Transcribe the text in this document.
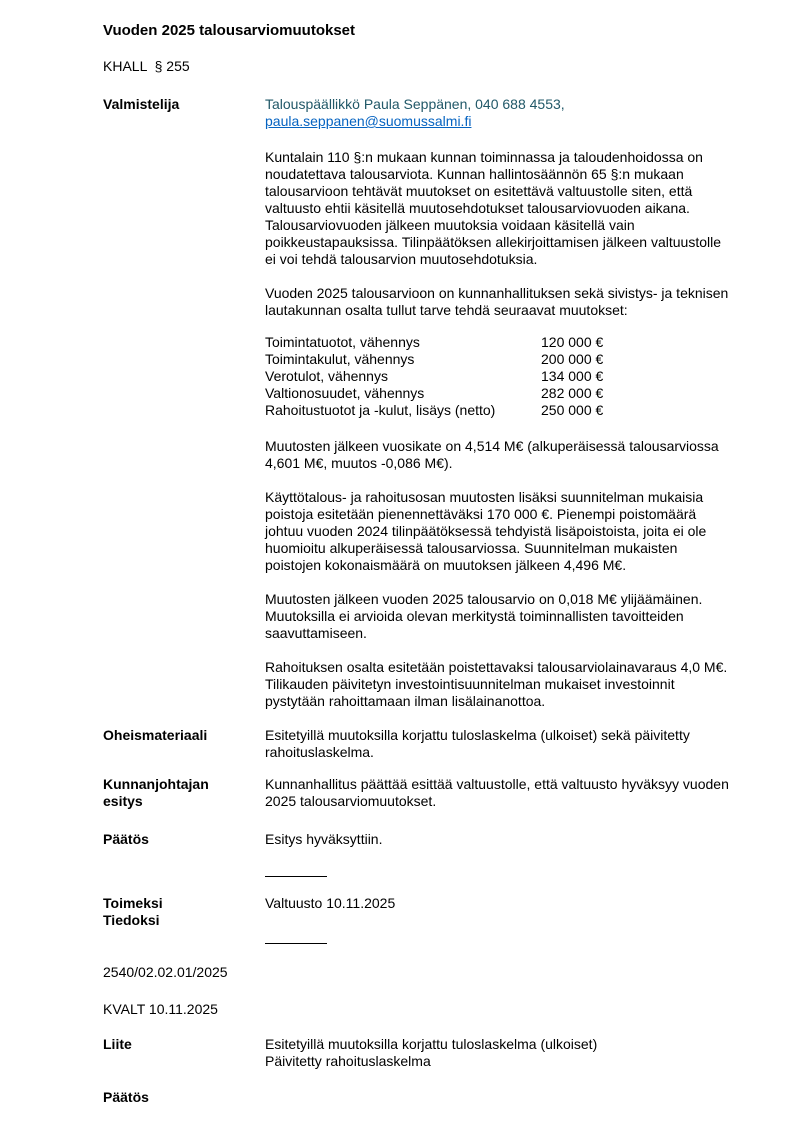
Vuoden 2025 talousarviomuutokset
KHALL  § 255
Valmistelija	Talouspäällikkö Paula Seppänen, 040 688 4553,
paula.seppanen@suomussalmi.fi
Kuntalain 110 §:n mukaan kunnan toiminnassa ja taloudenhoidossa on noudatettava talousarviota. Kunnan hallintosäännön 65 §:n mukaan talousarvioon tehtävät muutokset on esitettävä valtuustolle siten, että valtuusto ehtii käsitellä muutosehdotukset talousarviovuoden aikana. Talousarviovuoden jälkeen muutoksia voidaan käsitellä vain poikkeustapauksissa. Tilinpäätöksen allekirjoittamisen jälkeen valtuustolle ei voi tehdä talousarvion muutosehdotuksia.
Vuoden 2025 talousarvioon on kunnanhallituksen sekä sivistys- ja teknisen lautakunnan osalta tullut tarve tehdä seuraavat muutokset:
Toimintatuotot, vähennys	120 000 €
Toimintakulut, vähennys	200 000 €
Verotulot, vähennys	134 000 €
Valtionosuudet, vähennys	282 000 €
Rahoitustuotot ja -kulut, lisäys (netto)	250 000 €
Muutosten jälkeen vuosikate on 4,514 M€ (alkuperäisessä talousarviossa 4,601 M€, muutos -0,086 M€).
Käyttötalous- ja rahoitusosan muutosten lisäksi suunnitelman mukaisia poistoja esitetään pienennettäväksi 170 000 €. Pienempi poistomäärä johtuu vuoden 2024 tilinpäätöksessä tehdyistä lisäpoistoista, joita ei ole huomioitu alkuperäisessä talousarviossa. Suunnitelman mukaisten poistojen kokonaismäärä on muutoksen jälkeen 4,496 M€.
Muutosten jälkeen vuoden 2025 talousarvio on 0,018 M€ ylijäämäinen. Muutoksilla ei arvioida olevan merkitystä toiminnallisten tavoitteiden saavuttamiseen.
Rahoituksen osalta esitetään poistettavaksi talousarviolainavaraus 4,0 M€. Tilikauden päivitetyn investointisuunnitelman mukaiset investoinnit pystytään rahoittamaan ilman lisälainanottoa.
Oheismateriaali	Esitetyillä muutoksilla korjattu tuloslaskelma (ulkoiset) sekä päivitetty rahoituslaskelma.
Kunnanjohtajan
esitys
Kunnanhallitus päättää esittää valtuustolle, että valtuusto hyväksyy vuoden 2025 talousarviomuutokset.
Päätös	Esitys hyväksyttiin.
Toimeksi
Tiedoksi
Valtuusto 10.11.2025
2540/02.02.01/2025
KVALT 10.11.2025
Liite	Esitetyillä muutoksilla korjattu tuloslaskelma (ulkoiset)
Päivitetty rahoituslaskelma
Päätös
